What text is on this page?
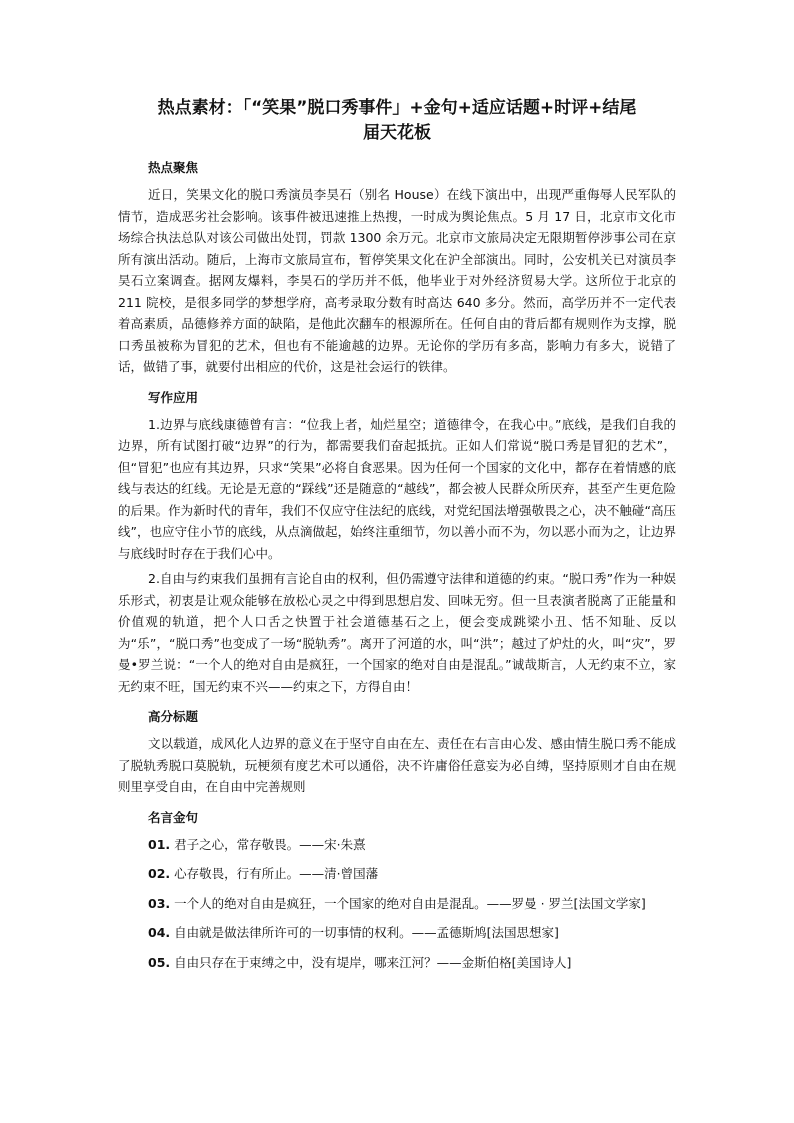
热点素材：「“笑果”脱口秀事件」+金句+适应话题+时评+结尾
届天花板
热点聚焦

近日，笑果文化的脱口秀演员李昊石（别名 House）在线下演出中，出现严重侮辱人民军队的情节，造成恶劣社会影响。该事件被迅速推上热搜，一时成为舆论焦点。5 月 17 日，北京市文化市场综合执法总队对该公司做出处罚，罚款 1300 余万元。北京市文旅局决定无限期暂停涉事公司在京所有演出活动。随后，上海市文旅局宣布，暂停笑果文化在沪全部演出。同时，公安机关已对演员李昊石立案调查。据网友爆料，李昊石的学历并不低，他毕业于对外经济贸易大学。这所位于北京的 211 院校，是很多同学的梦想学府，高考录取分数有时高达 640 多分。然而，高学历并不一定代表着高素质，品德修养方面的缺陷，是他此次翻车的根源所在。任何自由的背后都有规则作为支撑，脱口秀虽被称为冒犯的艺术，但也有不能逾越的边界。无论你的学历有多高，影响力有多大，说错了话，做错了事，就要付出相应的代价，这是社会运行的铁律。

写作应用

1.边界与底线康德曾有言：“位我上者，灿烂星空；道德律令，在我心中。”底线，是我们自我的边界，所有试图打破“边界”的行为，都需要我们奋起抵抗。正如人们常说“脱口秀是冒犯的艺术”，但“冒犯”也应有其边界，只求“笑果”必将自食恶果。因为任何一个国家的文化中，都存在着情感的底线与表达的红线。无论是无意的“踩线”还是随意的“越线”，都会被人民群众所厌弃，甚至产生更危险的后果。作为新时代的青年，我们不仅应守住法纪的底线，对党纪国法增强敬畏之心，决不触碰“高压线”，也应守住小节的底线，从点滴做起，始终注重细节，勿以善小而不为，勿以恶小而为之，让边界与底线时时存在于我们心中。

2.自由与约束我们虽拥有言论自由的权利，但仍需遵守法律和道德的约束。“脱口秀”作为一种娱乐形式，初衷是让观众能够在放松心灵之中得到思想启发、回味无穷。但一旦表演者脱离了正能量和价值观的轨道，把个人口舌之快置于社会道德基石之上，便会变成跳梁小丑、恬不知耻、反以为“乐”，“脱口秀”也变成了一场“脱轨秀”。离开了河道的水，叫“洪”；越过了炉灶的火，叫“灾”，罗曼•罗兰说：“一个人的绝对自由是疯狂，一个国家的绝对自由是混乱。”诚哉斯言，人无约束不立，家无约束不旺，国无约束不兴——约束之下，方得自由！

高分标题

文以载道，成风化人边界的意义在于坚守自由在左、责任在右言由心发、感由情生脱口秀不能成了脱轨秀脱口莫脱轨，玩梗须有度艺术可以通俗，决不许庸俗任意妄为必自缚，坚持原则才自由在规则里享受自由，在自由中完善规则

名言金句

01. 君子之心，常存敬畏。——宋·朱熹

02. 心存敬畏，行有所止。——清·曾国藩

03. 一个人的绝对自由是疯狂，一个国家的绝对自由是混乱。——罗曼 · 罗兰[法国文学家]

04. 自由就是做法律所许可的一切事情的权利。——孟德斯鸠[法国思想家]

05. 自由只存在于束缚之中，没有堤岸，哪来江河？——金斯伯格[美国诗人]
